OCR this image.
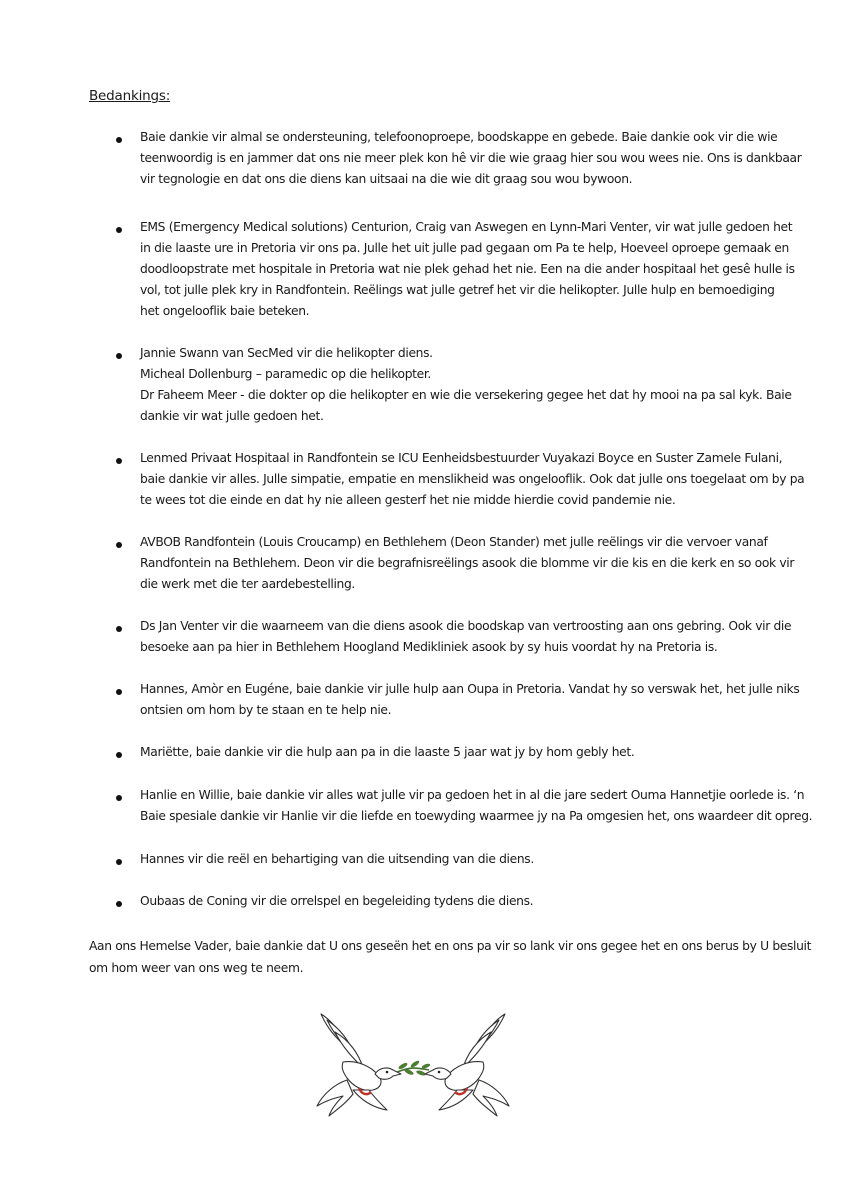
Bedankings:
Baie dankie vir almal se ondersteuning, telefoonoproepe, boodskappe en gebede. Baie dankie ook vir die wie
teenwoordig is en jammer dat ons nie meer plek kon hê vir die wie graag hier sou wou wees nie. Ons is dankbaar
vir tegnologie en dat ons die diens kan uitsaai na die wie dit graag sou wou bywoon.
EMS (Emergency Medical solutions) Centurion, Craig van Aswegen en Lynn-Mari Venter, vir wat julle gedoen het
in die laaste ure in Pretoria vir ons pa. Julle het uit julle pad gegaan om Pa te help, Hoeveel oproepe gemaak en
doodloopstrate met hospitale in Pretoria wat nie plek gehad het nie. Een na die ander hospitaal het gesê hulle is
vol, tot julle plek kry in Randfontein. Reëlings wat julle getref het vir die helikopter. Julle hulp en bemoediging
het ongelooflik baie beteken.
Jannie Swann van SecMed vir die helikopter diens.
Micheal Dollenburg – paramedic op die helikopter.
Dr Faheem Meer - die dokter op die helikopter en wie die versekering gegee het dat hy mooi na pa sal kyk. Baie
dankie vir wat julle gedoen het.
Lenmed Privaat Hospitaal in Randfontein se ICU Eenheidsbestuurder Vuyakazi Boyce en Suster Zamele Fulani,
baie dankie vir alles. Julle simpatie, empatie en menslikheid was ongelooflik. Ook dat julle ons toegelaat om by pa
te wees tot die einde en dat hy nie alleen gesterf het nie midde hierdie covid pandemie nie.
AVBOB Randfontein (Louis Croucamp) en Bethlehem (Deon Stander) met julle reëlings vir die vervoer vanaf
Randfontein na Bethlehem. Deon vir die begrafnisreëlings asook die blomme vir die kis en die kerk en so ook vir
die werk met die ter aardebestelling.
Ds Jan Venter vir die waarneem van die diens asook die boodskap van vertroosting aan ons gebring. Ook vir die
besoeke aan pa hier in Bethlehem Hoogland Medikliniek asook by sy huis voordat hy na Pretoria is.
Hannes, Amòr en Eugéne, baie dankie vir julle hulp aan Oupa in Pretoria. Vandat hy so verswak het, het julle niks
ontsien om hom by te staan en te help nie.
Mariëtte, baie dankie vir die hulp aan pa in die laaste 5 jaar wat jy by hom gebly het.
Hanlie en Willie, baie dankie vir alles wat julle vir pa gedoen het in al die jare sedert Ouma Hannetjie oorlede is. ‘n
Baie spesiale dankie vir Hanlie vir die liefde en toewyding waarmee jy na Pa omgesien het, ons waardeer dit opreg.
Hannes vir die reël en behartiging van die uitsending van die diens.
Oubaas de Coning vir die orrelspel en begeleiding tydens die diens.
Aan ons Hemelse Vader, baie dankie dat U ons geseën het en ons pa vir so lank vir ons gegee het en ons berus by U besluit
om hom weer van ons weg te neem.
